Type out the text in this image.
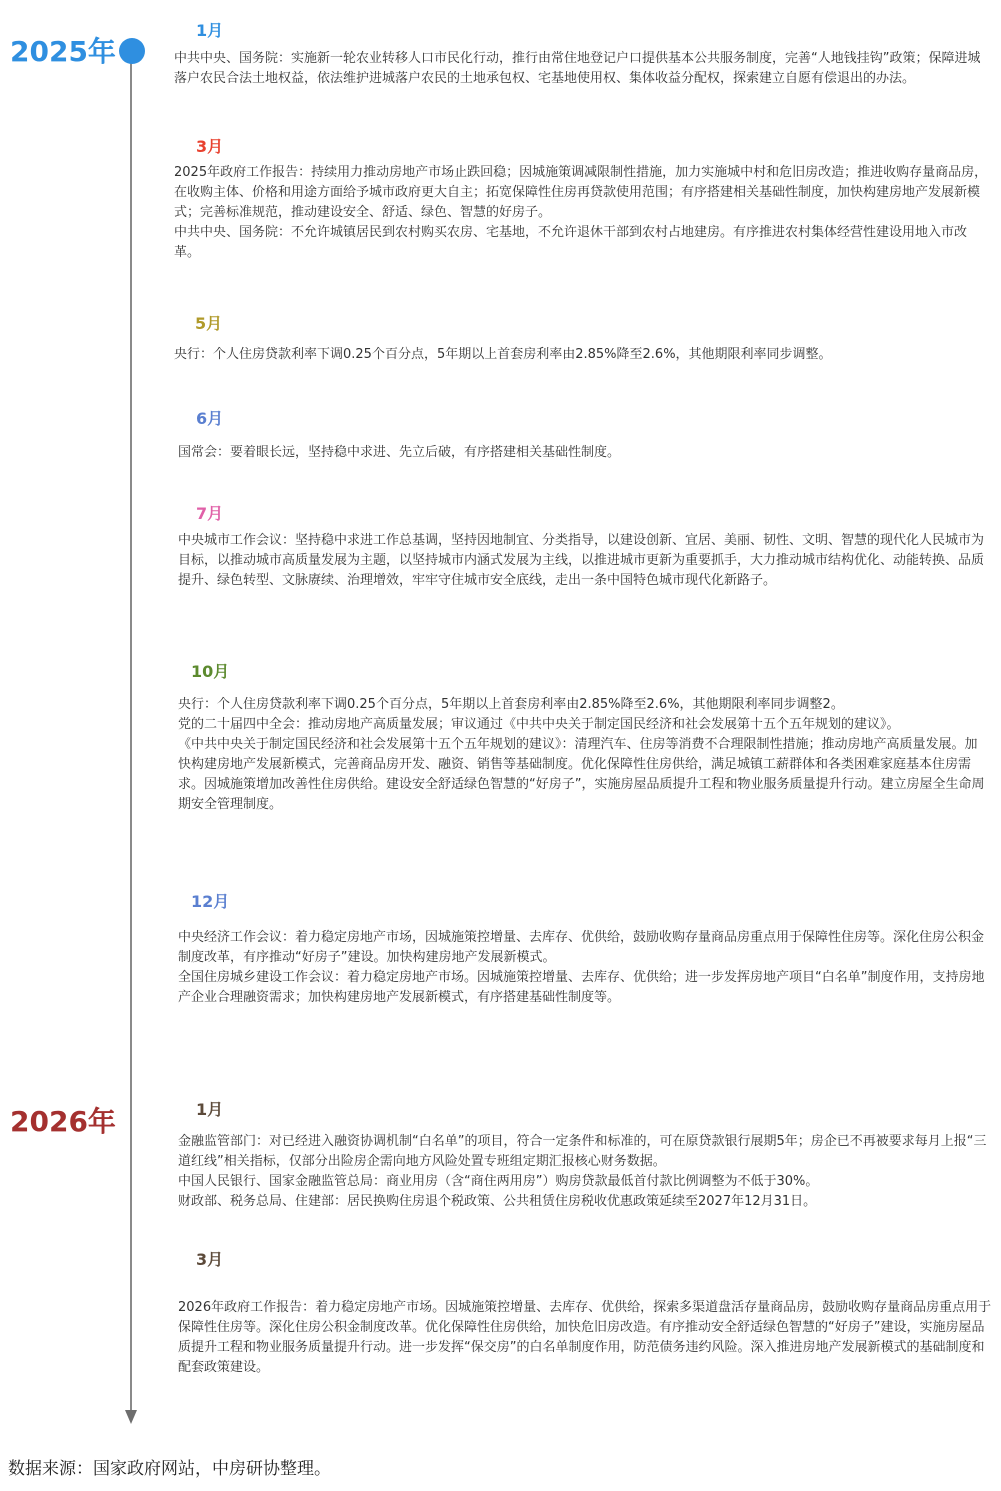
2025年
2026年
1月

中共中央、国务院：实施新一轮农业转移人口市民化行动，推行由常住地登记户口提供基本公共服务制度，完善“人地钱挂钩”政策；保障进城落户农民合法土地权益，依法维护进城落户农民的土地承包权、宅基地使用权、集体收益分配权，探索建立自愿有偿退出的办法。

3月

2025年政府工作报告：持续用力推动房地产市场止跌回稳；因城施策调减限制性措施，加力实施城中村和危旧房改造；推进收购存量商品房，在收购主体、价格和用途方面给予城市政府更大自主；拓宽保障性住房再贷款使用范围；有序搭建相关基础性制度，加快构建房地产发展新模式；完善标准规范，推动建设安全、舒适、绿色、智慧的好房子。

中共中央、国务院：不允许城镇居民到农村购买农房、宅基地，不允许退休干部到农村占地建房。有序推进农村集体经营性建设用地入市改革。

5月

央行：个人住房贷款利率下调0.25个百分点，5年期以上首套房利率由2.85%降至2.6%，其他期限利率同步调整。

6月

国常会：要着眼长远，坚持稳中求进、先立后破，有序搭建相关基础性制度。

7月

中央城市工作会议：坚持稳中求进工作总基调，坚持因地制宜、分类指导，以建设创新、宜居、美丽、韧性、文明、智慧的现代化人民城市为目标，以推动城市高质量发展为主题，以坚持城市内涵式发展为主线，以推进城市更新为重要抓手，大力推动城市结构优化、动能转换、品质提升、绿色转型、文脉赓续、治理增效，牢牢守住城市安全底线，走出一条中国特色城市现代化新路子。

10月

央行：个人住房贷款利率下调0.25个百分点，5年期以上首套房利率由2.85%降至2.6%，其他期限利率同步调整2。

党的二十届四中全会：推动房地产高质量发展；审议通过《中共中央关于制定国民经济和社会发展第十五个五年规划的建议》。

《中共中央关于制定国民经济和社会发展第十五个五年规划的建议》：清理汽车、住房等消费不合理限制性措施；推动房地产高质量发展。加快构建房地产发展新模式，完善商品房开发、融资、销售等基础制度。优化保障性住房供给，满足城镇工薪群体和各类困难家庭基本住房需求。因城施策增加改善性住房供给。建设安全舒适绿色智慧的“好房子”，实施房屋品质提升工程和物业服务质量提升行动。建立房屋全生命周期安全管理制度。

12月

中央经济工作会议：着力稳定房地产市场，因城施策控增量、去库存、优供给，鼓励收购存量商品房重点用于保障性住房等。深化住房公积金制度改革，有序推动“好房子”建设。加快构建房地产发展新模式。

全国住房城乡建设工作会议：着力稳定房地产市场。因城施策控增量、去库存、优供给；进一步发挥房地产项目“白名单”制度作用，支持房地产企业合理融资需求；加快构建房地产发展新模式，有序搭建基础性制度等。

1月

金融监管部门：对已经进入融资协调机制“白名单”的项目，符合一定条件和标准的，可在原贷款银行展期5年；房企已不再被要求每月上报“三道红线”相关指标，仅部分出险房企需向地方风险处置专班组定期汇报核心财务数据。

中国人民银行、国家金融监管总局：商业用房（含“商住两用房”）购房贷款最低首付款比例调整为不低于30%。

财政部、税务总局、住建部：居民换购住房退个税政策、公共租赁住房税收优惠政策延续至2027年12月31日。

3月

2026年政府工作报告：着力稳定房地产市场。因城施策控增量、去库存、优供给，探索多渠道盘活存量商品房，鼓励收购存量商品房重点用于保障性住房等。深化住房公积金制度改革。优化保障性住房供给，加快危旧房改造。有序推动安全舒适绿色智慧的“好房子”建设，实施房屋品质提升工程和物业服务质量提升行动。进一步发挥“保交房”的白名单制度作用，防范债务违约风险。深入推进房地产发展新模式的基础制度和配套政策建设。

数据来源：国家政府网站，中房研协整理。
